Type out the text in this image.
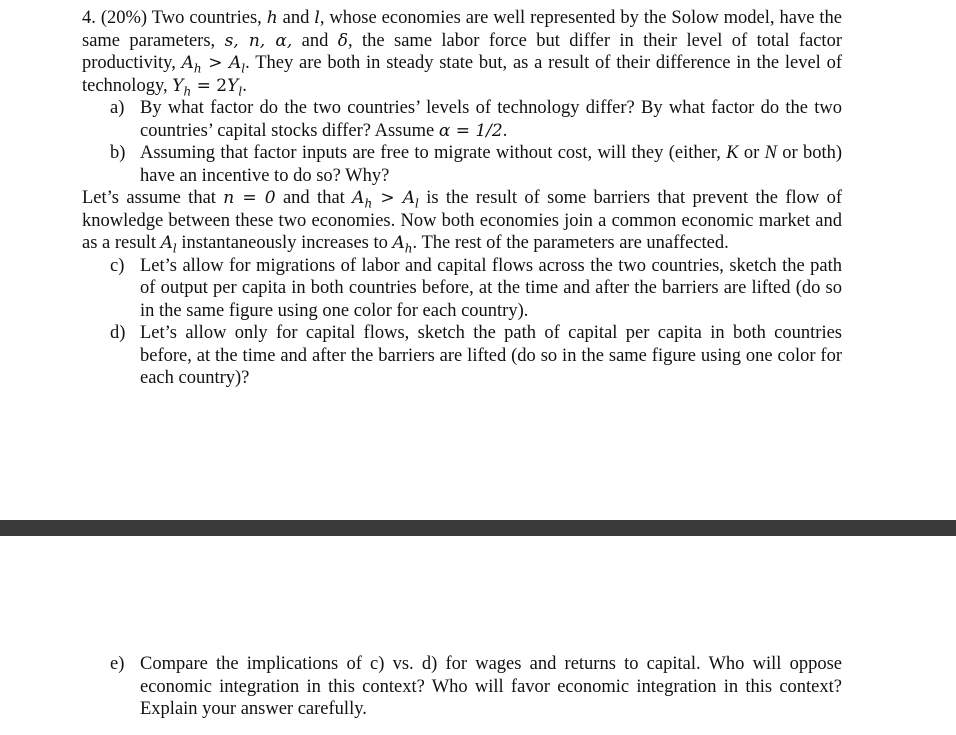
4. (20%) Two countries, h and l, whose economies are well represented by the Solow model, have the same parameters, s, n, α, and δ, the same labor force but differ in their level of total factor productivity, $A_h > A_l$. They are both in steady state but, as a result of their difference in the level of technology, $Y_h = 2Y_l$.
a) By what factor do the two countries’ levels of technology differ? By what factor do the two countries’ capital stocks differ? Assume α = 1/2.
b) Assuming that factor inputs are free to migrate without cost, will they (either, K or N or both) have an incentive to do so? Why?
Let’s assume that n = 0 and that $A_h > A_l$ is the result of some barriers that prevent the flow of knowledge between these two economies. Now both economies join a common economic market and as a result $A_l$ instantaneously increases to $A_h$. The rest of the parameters are unaffected.
c) Let’s allow for migrations of labor and capital flows across the two countries, sketch the path of output per capita in both countries before, at the time and after the barriers are lifted (do so in the same figure using one color for each country).
d) Let’s allow only for capital flows, sketch the path of capital per capita in both countries before, at the time and after the barriers are lifted (do so in the same figure using one color for each country)?
e) Compare the implications of c) vs. d) for wages and returns to capital. Who will oppose economic integration in this context? Who will favor economic integration in this context? Explain your answer carefully.
